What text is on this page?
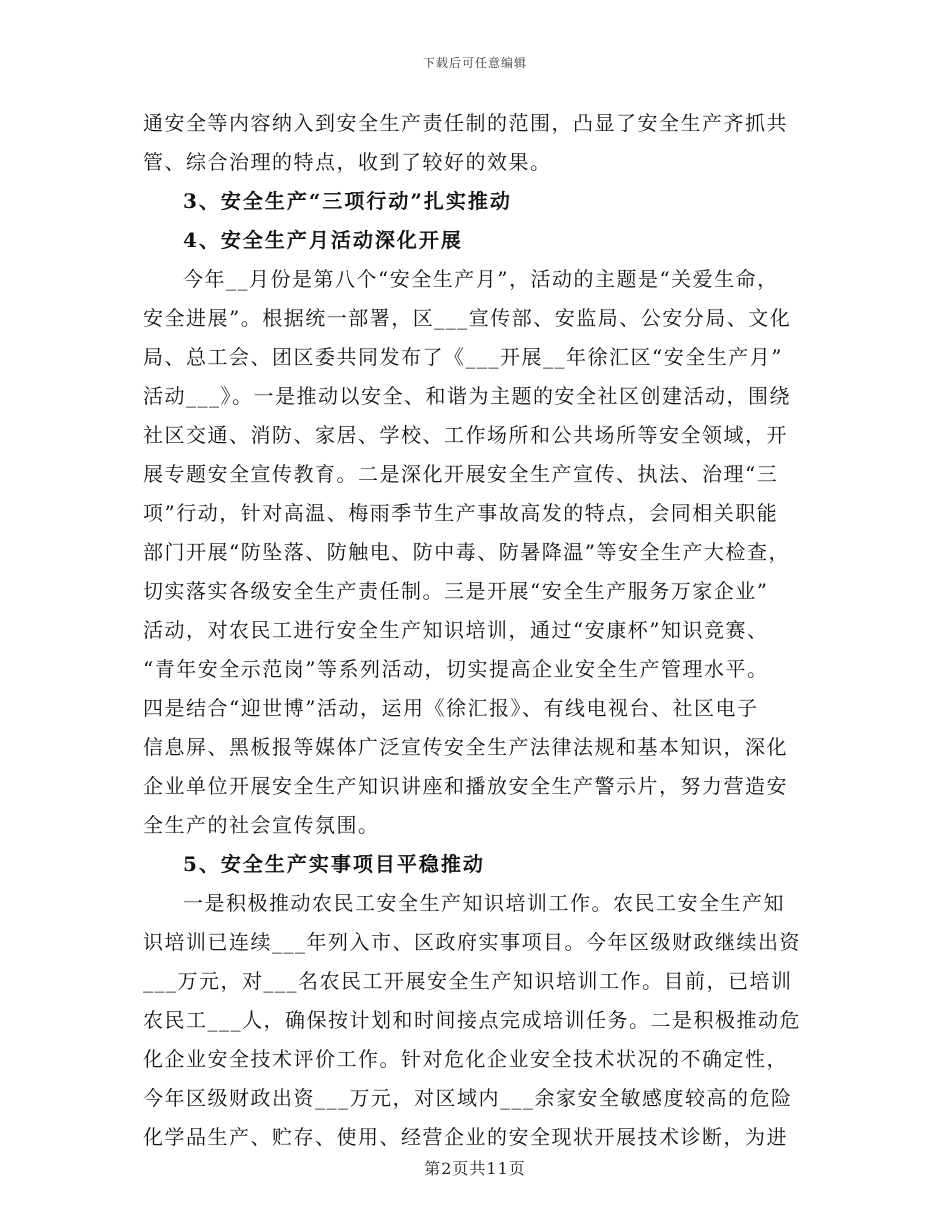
下载后可任意编辑
通安全等内容纳入到安全生产责任制的范围，凸显了安全生产齐抓共
管、综合治理的特点，收到了较好的效果。
3、安全生产“三项行动”扎实推动
4、安全生产月活动深化开展
今年__月份是第八个“安全生产月”，活动的主题是“关爱生命，
安全进展”。根据统一部署，区___宣传部、安监局、公安分局、文化
局、总工会、团区委共同发布了《___开展__年徐汇区“安全生产月”
活动___》。一是推动以安全、和谐为主题的安全社区创建活动，围绕
社区交通、消防、家居、学校、工作场所和公共场所等安全领域，开
展专题安全宣传教育。二是深化开展安全生产宣传、执法、治理“三
项”行动，针对高温、梅雨季节生产事故高发的特点，会同相关职能
部门开展“防坠落、防触电、防中毒、防暑降温”等安全生产大检查，
切实落实各级安全生产责任制。三是开展“安全生产服务万家企业”
活动，对农民工进行安全生产知识培训，通过“安康杯”知识竞赛、
“青年安全示范岗”等系列活动，切实提高企业安全生产管理水平。
四是结合“迎世博”活动，运用《徐汇报》、有线电视台、社区电子
信息屏、黑板报等媒体广泛宣传安全生产法律法规和基本知识，深化
企业单位开展安全生产知识讲座和播放安全生产警示片，努力营造安
全生产的社会宣传氛围。
5、安全生产实事项目平稳推动
一是积极推动农民工安全生产知识培训工作。农民工安全生产知
识培训已连续___年列入市、区政府实事项目。今年区级财政继续出资
___万元，对___名农民工开展安全生产知识培训工作。目前，已培训
农民工___人，确保按计划和时间接点完成培训任务。二是积极推动危
化企业安全技术评价工作。针对危化企业安全技术状况的不确定性，
今年区级财政出资___万元，对区域内___余家安全敏感度较高的危险
化学品生产、贮存、使用、经营企业的安全现状开展技术诊断，为进
第2页共11页
